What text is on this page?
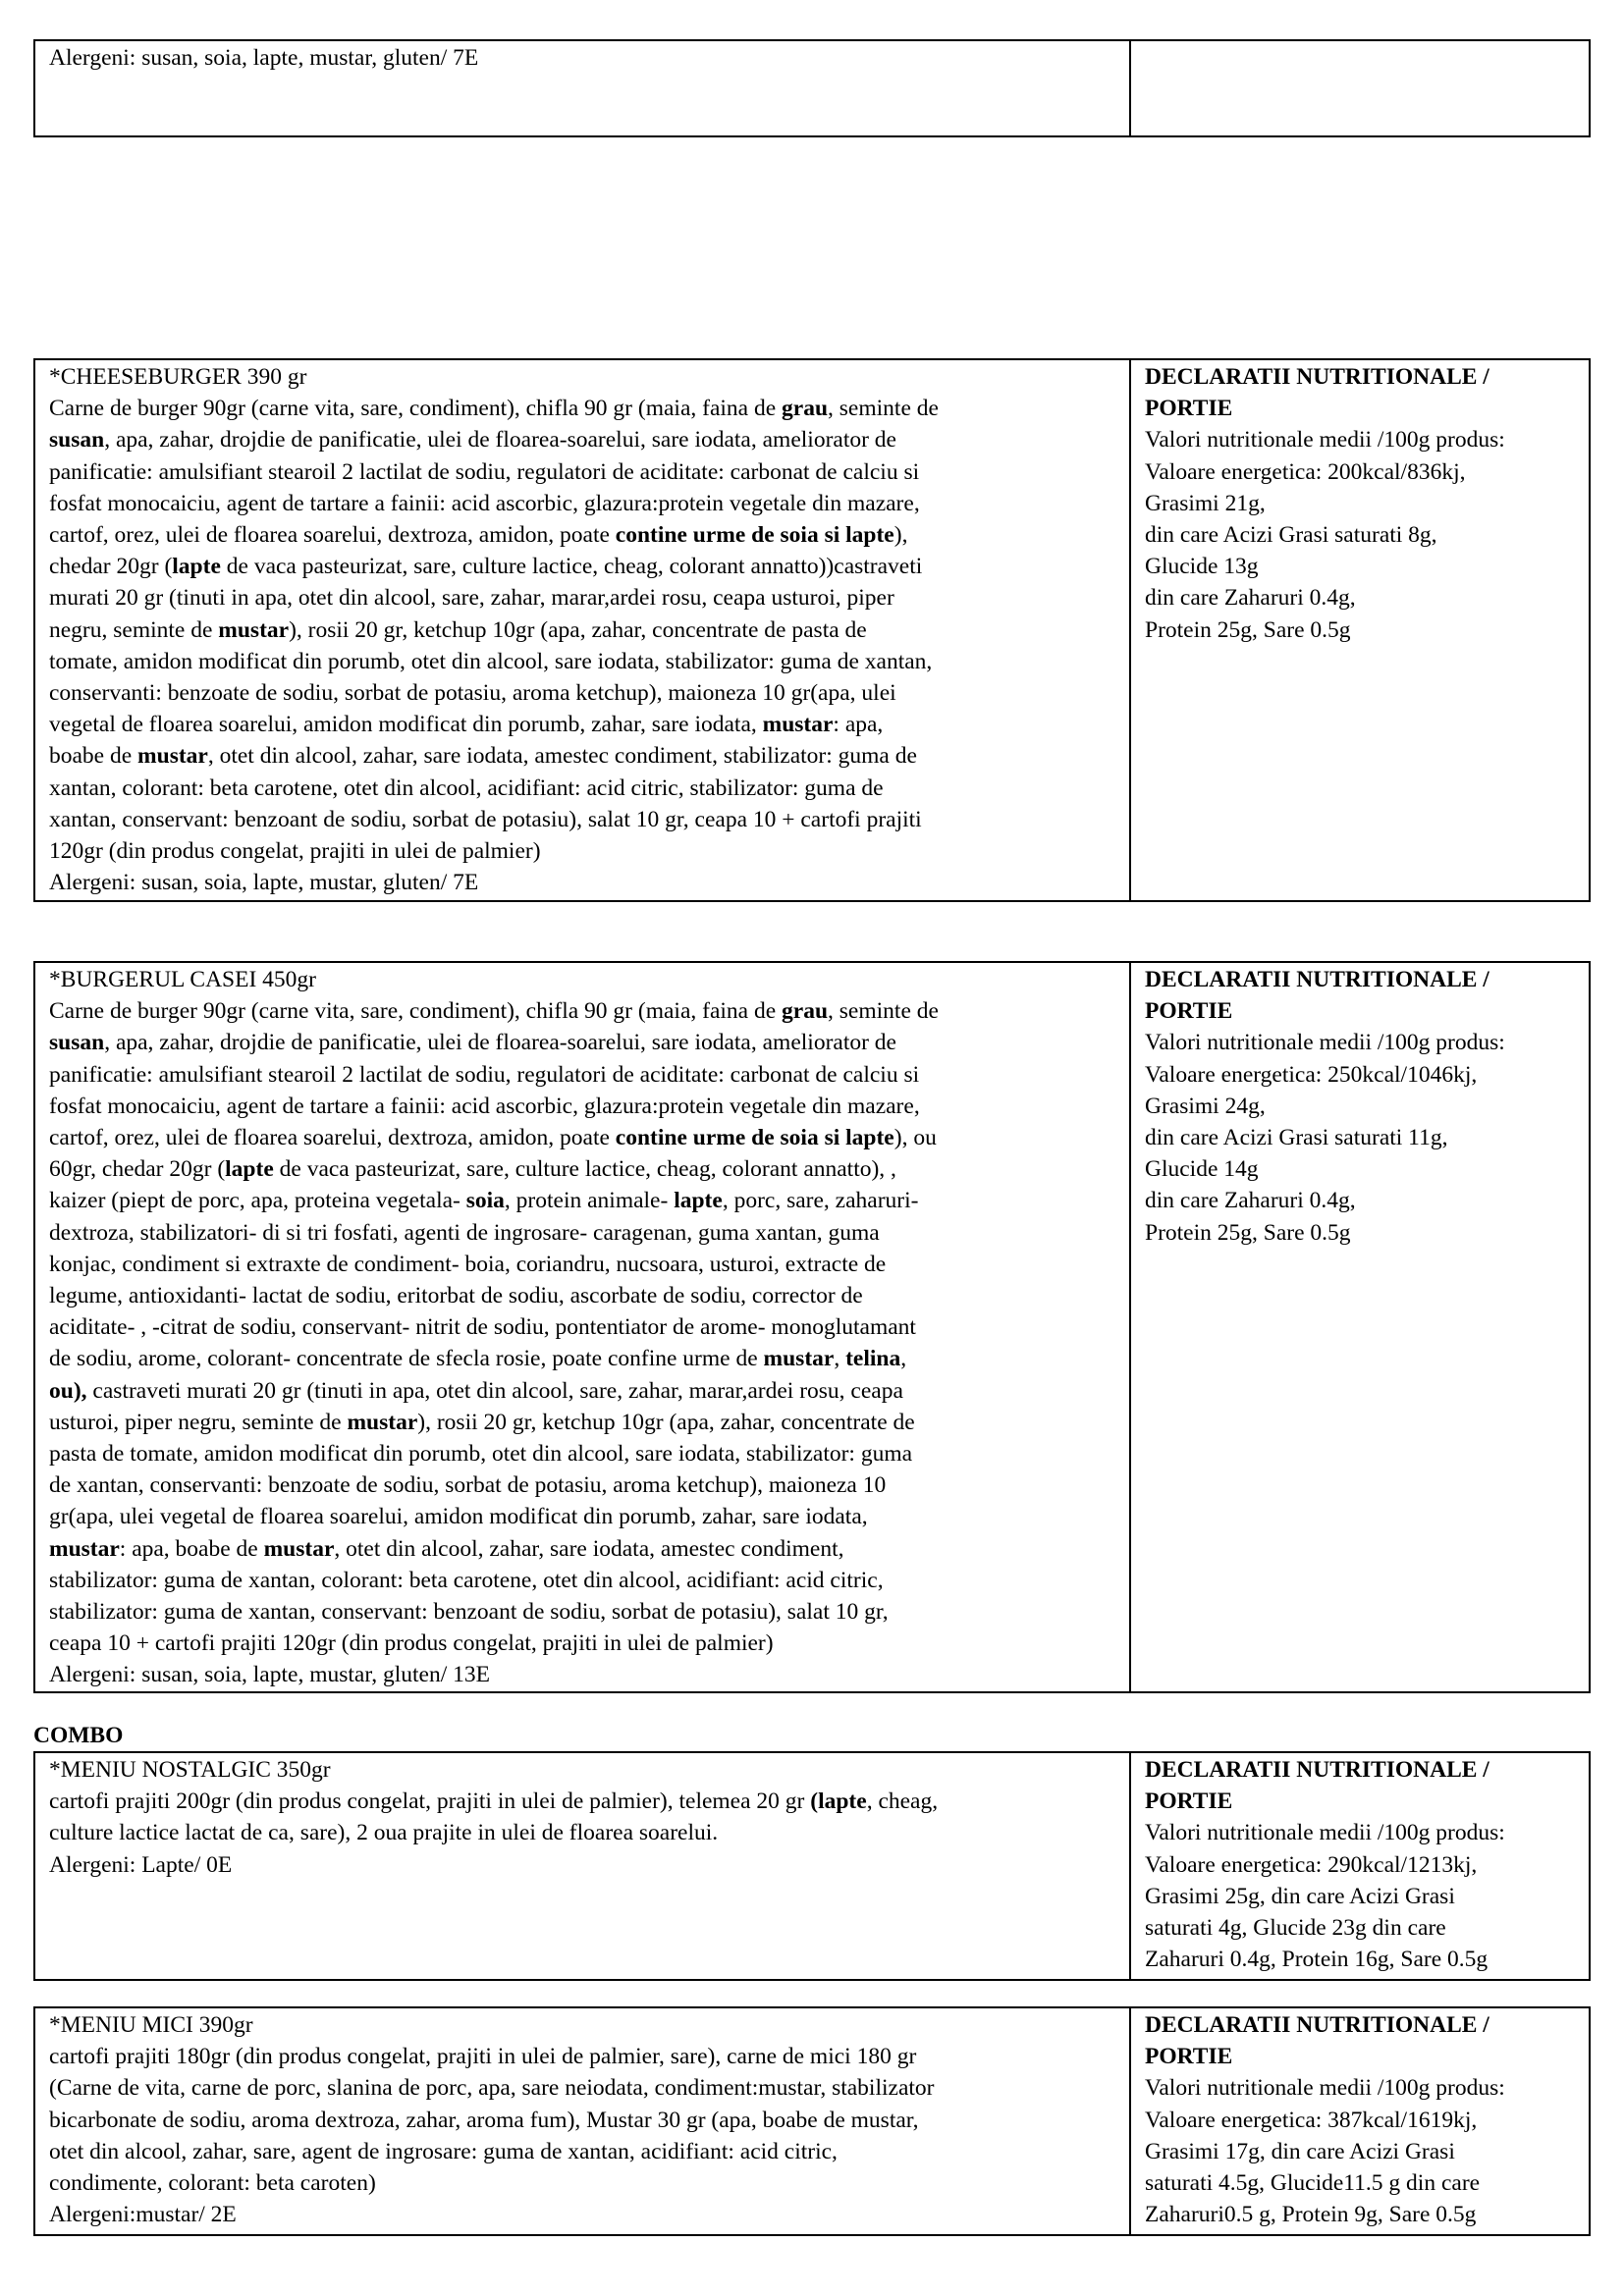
Alergeni: susan, soia, lapte, mustar, gluten/ 7E

*CHEESEBURGER 390 gr
Carne de burger 90gr (carne vita, sare, condiment), chifla 90 gr (maia, faina de grau, seminte de
susan, apa, zahar, drojdie de panificatie, ulei de floarea-soarelui, sare iodata, ameliorator de
panificatie: amulsifiant stearoil 2 lactilat de sodiu, regulatori de aciditate: carbonat de calciu si
fosfat monocaiciu, agent de tartare a fainii: acid ascorbic, glazura:protein vegetale din mazare,
cartof, orez, ulei de floarea soarelui, dextroza, amidon, poate contine urme de soia si lapte),
chedar 20gr (lapte de vaca pasteurizat, sare, culture lactice, cheag, colorant annatto))castraveti
murati 20 gr (tinuti in apa, otet din alcool, sare, zahar, marar,ardei rosu, ceapa usturoi, piper
negru, seminte de mustar), rosii 20 gr, ketchup 10gr (apa, zahar, concentrate de pasta de
tomate, amidon modificat din porumb, otet din alcool, sare iodata, stabilizator: guma de xantan,
conservanti: benzoate de sodiu, sorbat de potasiu, aroma ketchup), maioneza 10 gr(apa, ulei
vegetal de floarea soarelui, amidon modificat din porumb, zahar, sare iodata, mustar: apa,
boabe de mustar, otet din alcool, zahar, sare iodata, amestec condiment, stabilizator: guma de
xantan, colorant: beta carotene, otet din alcool, acidifiant: acid citric, stabilizator: guma de
xantan, conservant: benzoant de sodiu, sorbat de potasiu), salat 10 gr, ceapa 10 + cartofi prajiti
120gr (din produs congelat, prajiti in ulei de palmier)
Alergeni: susan, soia, lapte, mustar, gluten/ 7E

DECLARATII NUTRITIONALE /
PORTIE
Valori nutritionale medii /100g produs:
Valoare energetica: 200kcal/836kj,
Grasimi 21g,
din care Acizi Grasi saturati 8g,
Glucide 13g
din care Zaharuri 0.4g,
Protein 25g, Sare 0.5g
*BURGERUL CASEI 450gr
Carne de burger 90gr (carne vita, sare, condiment), chifla 90 gr (maia, faina de grau, seminte de
susan, apa, zahar, drojdie de panificatie, ulei de floarea-soarelui, sare iodata, ameliorator de
panificatie: amulsifiant stearoil 2 lactilat de sodiu, regulatori de aciditate: carbonat de calciu si
fosfat monocaiciu, agent de tartare a fainii: acid ascorbic, glazura:protein vegetale din mazare,
cartof, orez, ulei de floarea soarelui, dextroza, amidon, poate contine urme de soia si lapte), ou
60gr, chedar 20gr (lapte de vaca pasteurizat, sare, culture lactice, cheag, colorant annatto), ,
kaizer (piept de porc, apa, proteina vegetala- soia, protein animale- lapte, porc, sare, zaharuri-
dextroza, stabilizatori- di si tri fosfati, agenti de ingrosare- caragenan, guma xantan, guma
konjac, condiment si extraxte de condiment- boia, coriandru, nucsoara, usturoi, extracte de
legume, antioxidanti- lactat de sodiu, eritorbat de sodiu, ascorbate de sodiu, corrector de
aciditate- , -citrat de sodiu, conservant- nitrit de sodiu, pontentiator de arome- monoglutamant
de sodiu, arome, colorant- concentrate de sfecla rosie, poate confine urme de mustar, telina,
ou), castraveti murati 20 gr (tinuti in apa, otet din alcool, sare, zahar, marar,ardei rosu, ceapa
usturoi, piper negru, seminte de mustar), rosii 20 gr, ketchup 10gr (apa, zahar, concentrate de
pasta de tomate, amidon modificat din porumb, otet din alcool, sare iodata, stabilizator: guma
de xantan, conservanti: benzoate de sodiu, sorbat de potasiu, aroma ketchup), maioneza 10
gr(apa, ulei vegetal de floarea soarelui, amidon modificat din porumb, zahar, sare iodata,
mustar: apa, boabe de mustar, otet din alcool, zahar, sare iodata, amestec condiment,
stabilizator: guma de xantan, colorant: beta carotene, otet din alcool, acidifiant: acid citric,
stabilizator: guma de xantan, conservant: benzoant de sodiu, sorbat de potasiu), salat 10 gr,
ceapa 10 + cartofi prajiti 120gr (din produs congelat, prajiti in ulei de palmier)
Alergeni: susan, soia, lapte, mustar, gluten/ 13E

DECLARATII NUTRITIONALE /
PORTIE
Valori nutritionale medii /100g produs:
Valoare energetica: 250kcal/1046kj,
Grasimi 24g,
din care Acizi Grasi saturati 11g,
Glucide 14g
din care Zaharuri 0.4g,
Protein 25g, Sare 0.5g
COMBO
*MENIU NOSTALGIC 350gr
cartofi prajiti 200gr (din produs congelat, prajiti in ulei de palmier), telemea 20 gr (lapte, cheag,
culture lactice lactat de ca, sare), 2 oua prajite in ulei de floarea soarelui.
Alergeni: Lapte/ 0E

DECLARATII NUTRITIONALE /
PORTIE
Valori nutritionale medii /100g produs:
Valoare energetica: 290kcal/1213kj,
Grasimi 25g, din care Acizi Grasi
saturati 4g, Glucide 23g din care
Zaharuri 0.4g, Protein 16g, Sare 0.5g
*MENIU MICI 390gr
cartofi prajiti 180gr (din produs congelat, prajiti in ulei de palmier, sare), carne de mici 180 gr
(Carne de vita, carne de porc, slanina de porc, apa, sare neiodata, condiment:mustar, stabilizator
bicarbonate de sodiu, aroma dextroza, zahar, aroma fum), Mustar 30 gr (apa, boabe de mustar,
otet din alcool, zahar, sare, agent de ingrosare: guma de xantan, acidifiant: acid citric,
condimente, colorant: beta caroten)
Alergeni:mustar/ 2E

DECLARATII NUTRITIONALE /
PORTIE
Valori nutritionale medii /100g produs:
Valoare energetica: 387kcal/1619kj,
Grasimi 17g, din care Acizi Grasi
saturati 4.5g, Glucide11.5 g din care
Zaharuri0.5 g, Protein 9g, Sare 0.5g
